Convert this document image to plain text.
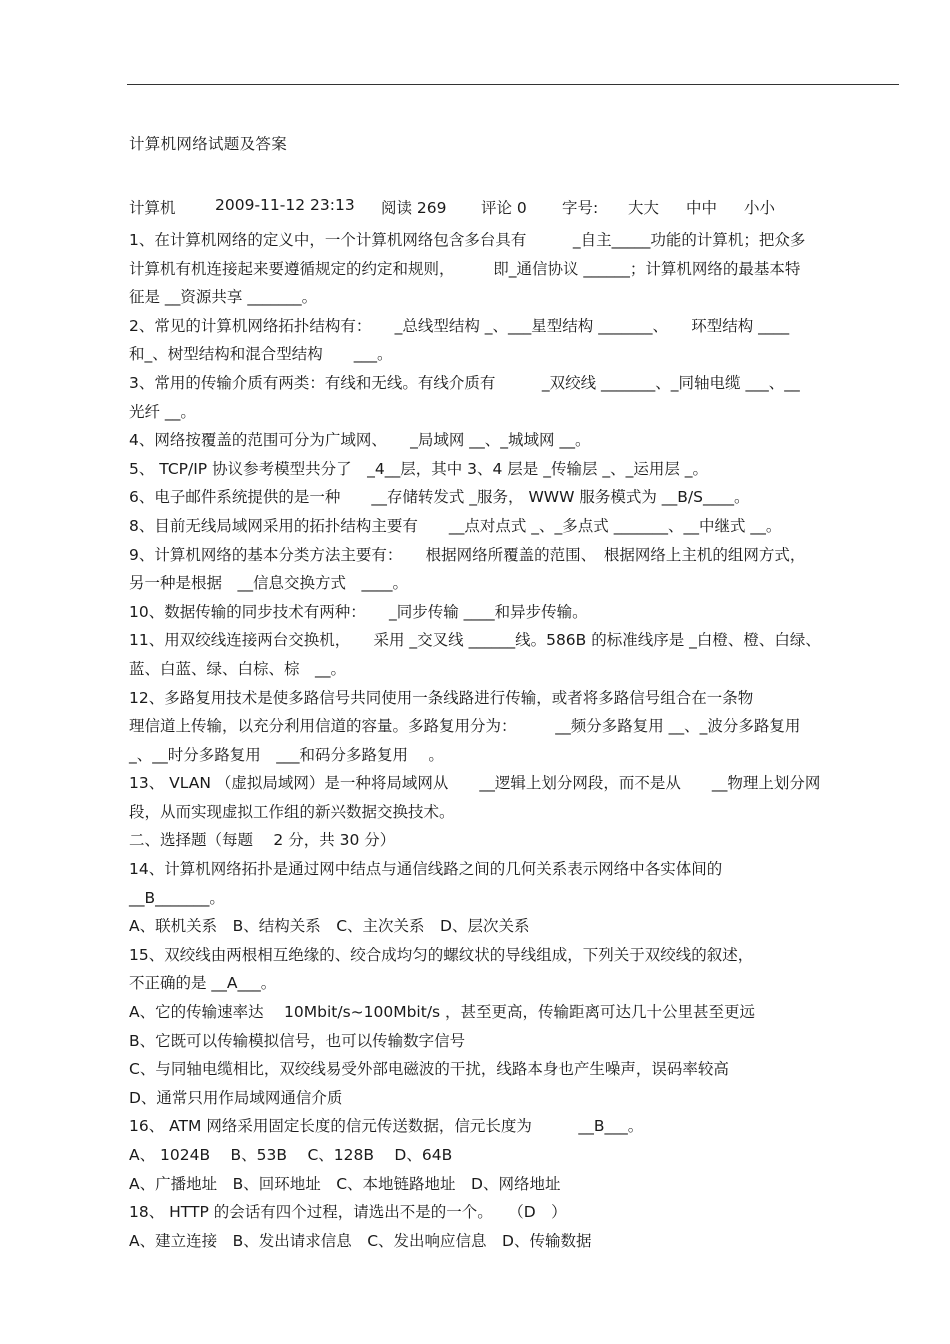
计算机网络试题及答案
计算机	2009-11-12 23:13 阅读 269 评论 0 字号: 大大 中中 小小
1、在计算机网络的定义中，一个计算机网络包含多台具有　　　_自主_____功能的计算机；把众多
计算机有机连接起来要遵循规定的约定和规则，　　　即_通信协议 ______；计算机网络的最基本特
征是 __资源共享 _______。
2、常见的计算机网络拓扑结构有：　　_总线型结构 _、___星型结构 _______、　　环型结构 ____
和_、树型结构和混合型结构　　___。
3、常用的传输介质有两类：有线和无线。有线介质有　　　_双绞线 _______、_同轴电缆 ___、__
光纤 __。
4、网络按覆盖的范围可分为广域网、　　_局域网 __、_城域网 __。
5、 TCP/IP 协议参考模型共分了　_4__层，其中 3、4 层是 _传输层 _、_运用层 _。
6、电子邮件系统提供的是一种　　__存储转发式 _服务， WWW 服务模式为 __B/S____。
8、目前无线局域网采用的拓扑结构主要有　　__点对点式 _、_多点式 _______、__中继式 __。
9、计算机网络的基本分类方法主要有：　　根据网络所覆盖的范围、　根据网络上主机的组网方式，
另一种是根据　__信息交换方式　____。
10、数据传输的同步技术有两种：　　_同步传输 ____和异步传输。
11、用双绞线连接两台交换机，　　采用 _交叉线 ______线。586B 的标准线序是 _白橙、橙、白绿、
蓝、白蓝、绿、白棕、棕　__。
12、多路复用技术是使多路信号共同使用一条线路进行传输，或者将多路信号组合在一条物
理信道上传输，以充分利用信道的容量。多路复用分为：　　　__频分多路复用 __、_波分多路复用
_、__时分多路复用　___和码分多路复用　 。
13、 VLAN （虚拟局域网）是一种将局域网从　　__逻辑上划分网段，而不是从　　__物理上划分网
段，从而实现虚拟工作组的新兴数据交换技术。
二、选择题（每题　 2 分，共 30 分）
14、计算机网络拓扑是通过网中结点与通信线路之间的几何关系表示网络中各实体间的
__B_______。
A、联机关系　B、结构关系　C、主次关系　D、层次关系
15、双绞线由两根相互绝缘的、绞合成均匀的螺纹状的导线组成，下列关于双绞线的叙述，
不正确的是 __A___。
A、它的传输速率达　 10Mbit/s~100Mbit/s ，甚至更高，传输距离可达几十公里甚至更远
B、它既可以传输模拟信号，也可以传输数字信号
C、与同轴电缆相比，双绞线易受外部电磁波的干扰，线路本身也产生噪声，误码率较高
D、通常只用作局域网通信介质
16、 ATM 网络采用固定长度的信元传送数据，信元长度为　　　__B___。
A、 1024B　 B、53B　 C、128B　 D、64B
A、广播地址　B、回环地址　C、本地链路地址　D、网络地址
18、 HTTP 的会话有四个过程，请选出不是的一个。　　（D　）
A、建立连接　B、发出请求信息　C、发出响应信息　D、传输数据
